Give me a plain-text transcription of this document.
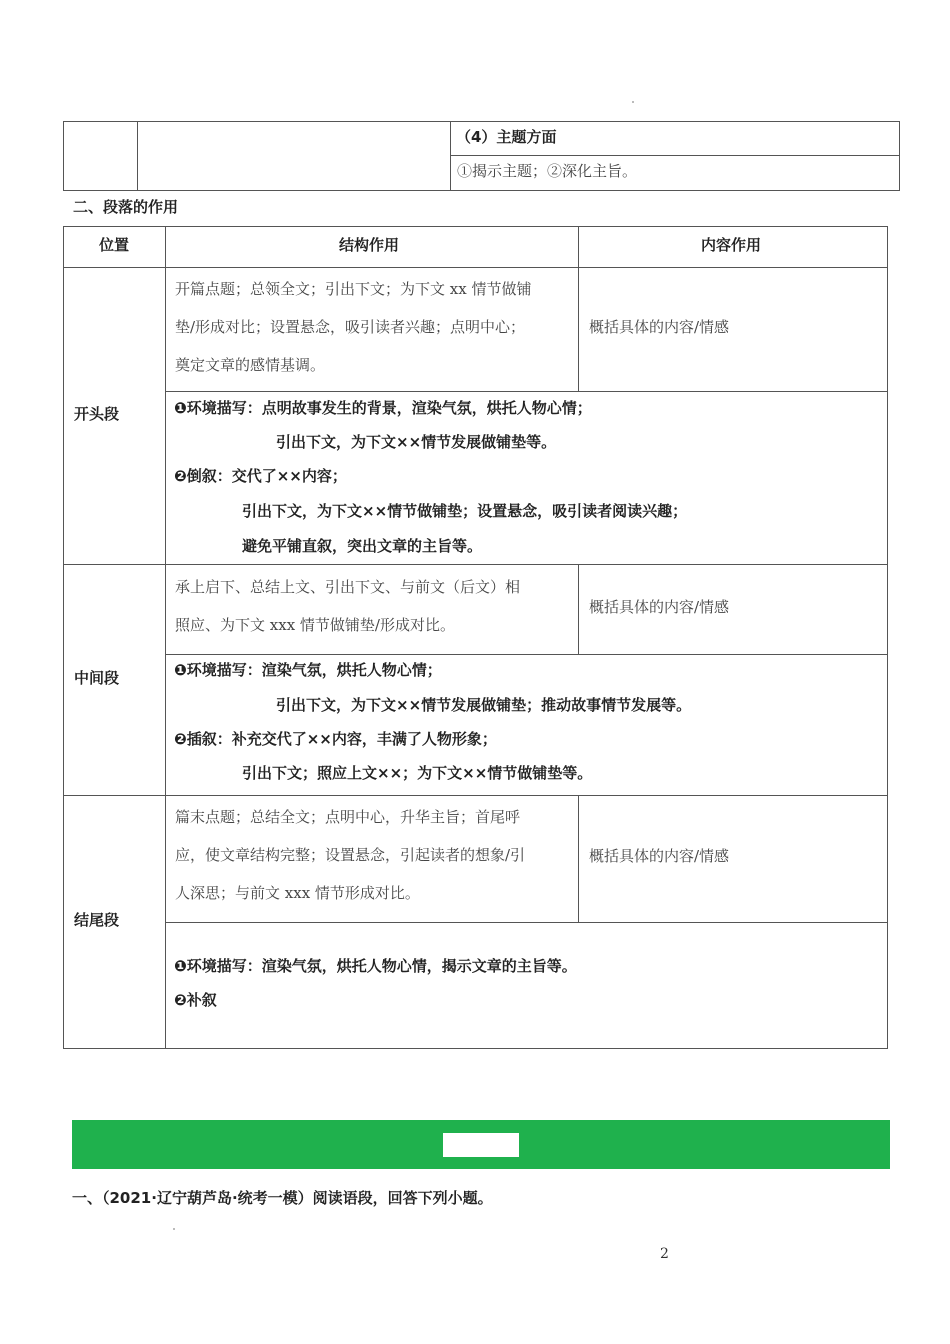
（4）主题方面
①揭示主题；②深化主旨。
二、段落的作用
位置	结构作用	内容作用
开头段
开篇点题；总领全文；引出下文；为下文 xx 情节做铺
垫/形成对比；设置悬念，吸引读者兴趣；点明中心；
奠定文章的感情基调。
概括具体的内容/情感
❶环境描写：点明故事发生的背景，渲染气氛，烘托人物心情；
引出下文，为下文××情节发展做铺垫等。
❷倒叙：交代了××内容；
引出下文，为下文××情节做铺垫；设置悬念，吸引读者阅读兴趣；
避免平铺直叙，突出文章的主旨等。
中间段
承上启下、总结上文、引出下文、与前文（后文）相
照应、为下文 xxx 情节做铺垫/形成对比。
概括具体的内容/情感
❶环境描写：渲染气氛，烘托人物心情；
引出下文，为下文××情节发展做铺垫；推动故事情节发展等。
❷插叙：补充交代了××内容，丰满了人物形象；
引出下文；照应上文××；为下文××情节做铺垫等。
结尾段
篇末点题；总结全文；点明中心，升华主旨；首尾呼
应，使文章结构完整；设置悬念，引起读者的想象/引
人深思；与前文 xxx 情节形成对比。
概括具体的内容/情感
❶环境描写：渲染气氛，烘托人物心情，揭示文章的主旨等。
❷补叙
一、（2021·辽宁葫芦岛·统考一模）阅读语段，回答下列小题。
2
